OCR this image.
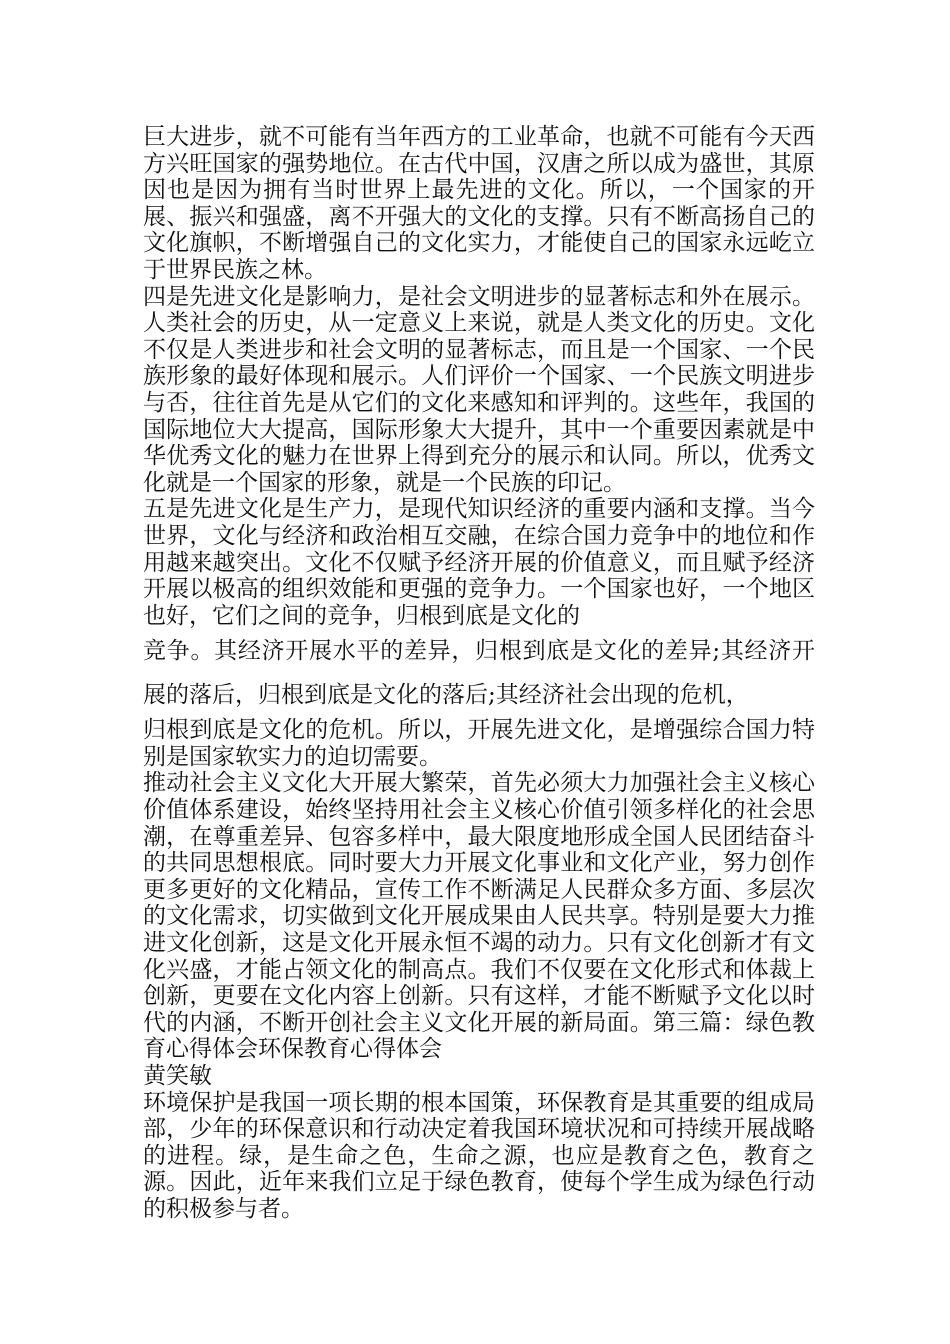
巨大进步，就不可能有当年西方的工业革命，也就不可能有今天西方兴旺国家的强势地位。在古代中国，汉唐之所以成为盛世，其原因也是因为拥有当时世界上最先进的文化。所以，一个国家的开展、振兴和强盛，离不开强大的文化的支撑。只有不断高扬自己的文化旗帜，不断增强自己的文化实力，才能使自己的国家永远屹立于世界民族之林。

四是先进文化是影响力，是社会文明进步的显著标志和外在展示。人类社会的历史，从一定意义上来说，就是人类文化的历史。文化不仅是人类进步和社会文明的显著标志，而且是一个国家、一个民族形象的最好体现和展示。人们评价一个国家、一个民族文明进步与否，往往首先是从它们的文化来感知和评判的。这些年，我国的国际地位大大提高，国际形象大大提升，其中一个重要因素就是中华优秀文化的魅力在世界上得到充分的展示和认同。所以，优秀文化就是一个国家的形象，就是一个民族的印记。

五是先进文化是生产力，是现代知识经济的重要内涵和支撑。当今世界，文化与经济和政治相互交融，在综合国力竞争中的地位和作用越来越突出。文化不仅赋予经济开展的价值意义，而且赋予经济开展以极高的组织效能和更强的竞争力。一个国家也好，一个地区也好，它们之间的竞争，归根到底是文化的

竞争。其经济开展水平的差异，归根到底是文化的差异;其经济开展的落后，归根到底是文化的落后;其经济社会出现的危机，

归根到底是文化的危机。所以，开展先进文化，是增强综合国力特别是国家软实力的迫切需要。

推动社会主义文化大开展大繁荣，首先必须大力加强社会主义核心价值体系建设，始终坚持用社会主义核心价值引领多样化的社会思潮，在尊重差异、包容多样中，最大限度地形成全国人民团结奋斗的共同思想根底。同时要大力开展文化事业和文化产业，努力创作更多更好的文化精品，宣传工作不断满足人民群众多方面、多层次的文化需求，切实做到文化开展成果由人民共享。特别是要大力推进文化创新，这是文化开展永恒不竭的动力。只有文化创新才有文化兴盛，才能占领文化的制高点。我们不仅要在文化形式和体裁上创新，更要在文化内容上创新。只有这样，才能不断赋予文化以时代的内涵，不断开创社会主义文化开展的新局面。第三篇：绿色教育心得体会环保教育心得体会

黄笑敏

环境保护是我国一项长期的根本国策，环保教育是其重要的组成局部，少年的环保意识和行动决定着我国环境状况和可持续开展战略的进程。绿，是生命之色，生命之源，也应是教育之色，教育之源。因此，近年来我们立足于绿色教育，使每个学生成为绿色行动的积极参与者。
